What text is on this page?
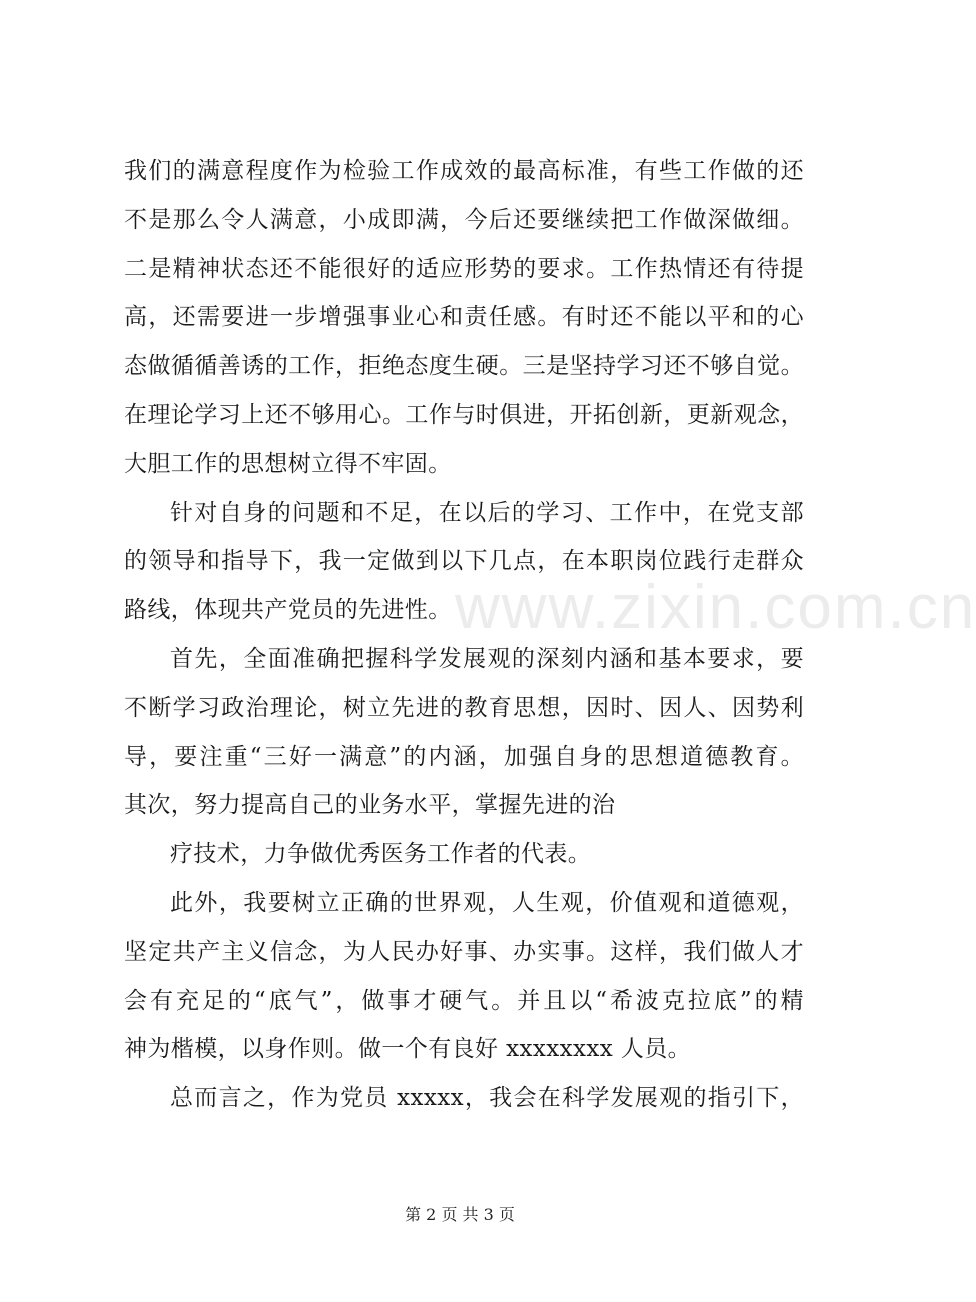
www.zixin.com.cn
我们的满意程度作为检验工作成效的最高标准，有些工作做的还
不是那么令人满意，小成即满，今后还要继续把工作做深做细。
二是精神状态还不能很好的适应形势的要求。工作热情还有待提
高，还需要进一步增强事业心和责任感。有时还不能以平和的心
态做循循善诱的工作，拒绝态度生硬。三是坚持学习还不够自觉。
在理论学习上还不够用心。工作与时俱进，开拓创新，更新观念，
大胆工作的思想树立得不牢固。
针对自身的问题和不足，在以后的学习、工作中，在党支部
的领导和指导下，我一定做到以下几点，在本职岗位践行走群众
路线，体现共产党员的先进性。
首先，全面准确把握科学发展观的深刻内涵和基本要求，要
不断学习政治理论，树立先进的教育思想，因时、因人、因势利
导，要注重“三好一满意”的内涵，加强自身的思想道德教育。
其次，努力提高自己的业务水平，掌握先进的治
疗技术，力争做优秀医务工作者的代表。
此外，我要树立正确的世界观，人生观，价值观和道德观，
坚定共产主义信念，为人民办好事、办实事。这样，我们做人才
会有充足的“底气”，做事才硬气。并且以“希波克拉底”的精
神为楷模，以身作则。做一个有良好 xxxxxxxx 人员。
总而言之，作为党员 xxxxx，我会在科学发展观的指引下，
第 2 页 共 3 页
